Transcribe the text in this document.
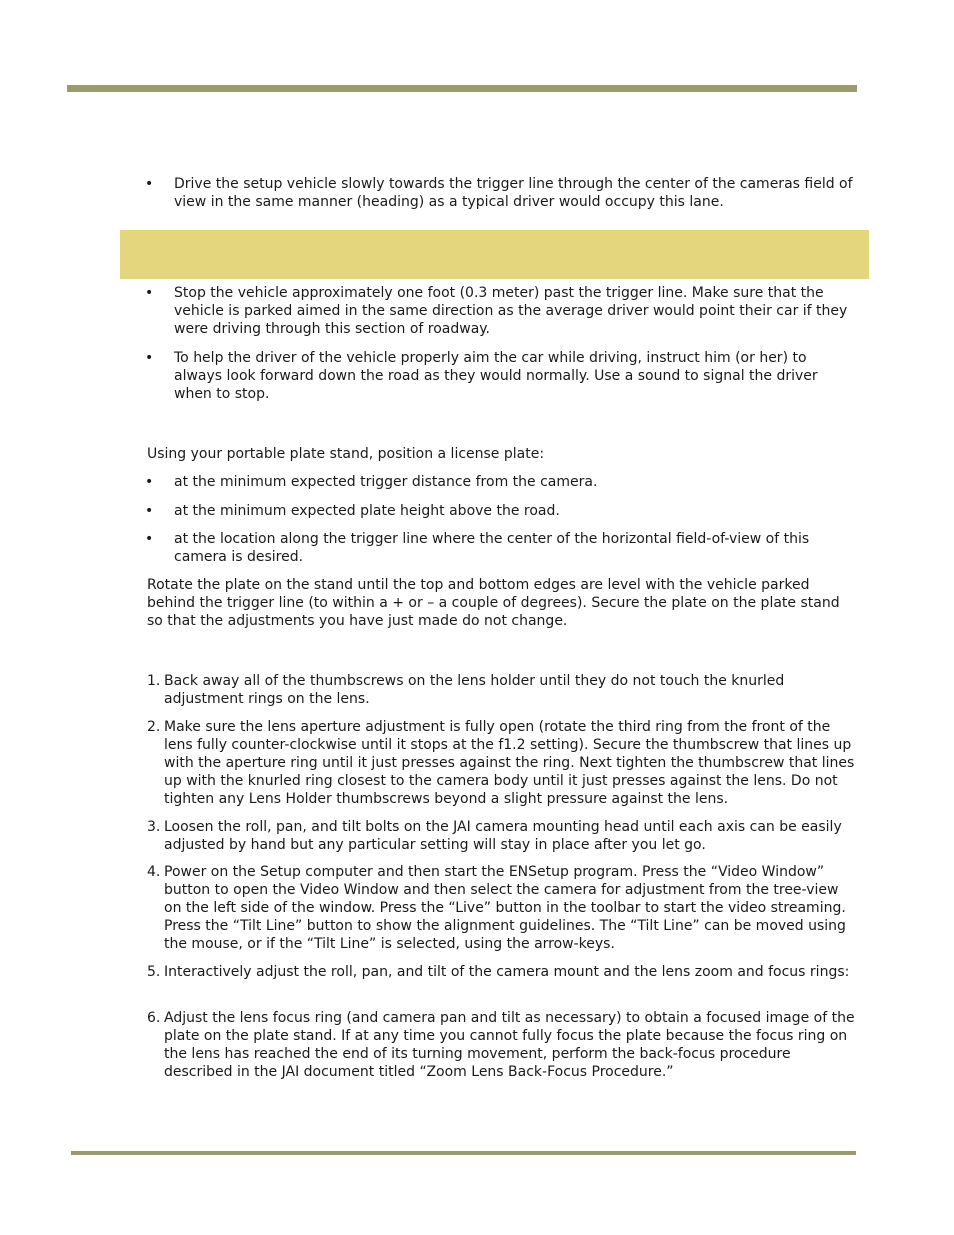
•	Drive the setup vehicle slowly towards the trigger line through the center of the cameras field of view in the same manner (heading) as a typical driver would occupy this lane.
•	Stop the vehicle approximately one foot (0.3 meter) past the trigger line. Make sure that the vehicle is parked aimed in the same direction as the average driver would point their car if they were driving through this section of roadway.
•	To help the driver of the vehicle properly aim the car while driving, instruct him (or her) to always look forward down the road as they would normally. Use a sound to signal the driver when to stop.

Using your portable plate stand, position a license plate:

•	at the minimum expected trigger distance from the camera.
•	at the minimum expected plate height above the road.
•	at the location along the trigger line where the center of the horizontal field-of-view of this camera is desired.

Rotate the plate on the stand until the top and bottom edges are level with the vehicle parked behind the trigger line (to within a + or – a couple of degrees). Secure the plate on the plate stand so that the adjustments you have just made do not change.

1. Back away all of the thumbscrews on the lens holder until they do not touch the knurled adjustment rings on the lens.
2. Make sure the lens aperture adjustment is fully open (rotate the third ring from the front of the lens fully counter-clockwise until it stops at the f1.2 setting). Secure the thumbscrew that lines up with the aperture ring until it just presses against the ring. Next tighten the thumbscrew that lines up with the knurled ring closest to the camera body until it just presses against the lens. Do not tighten any Lens Holder thumbscrews beyond a slight pressure against the lens.
3. Loosen the roll, pan, and tilt bolts on the JAI camera mounting head until each axis can be easily adjusted by hand but any particular setting will stay in place after you let go.
4. Power on the Setup computer and then start the ENSetup program. Press the “Video Window” button to open the Video Window and then select the camera for adjustment from the tree-view on the left side of the window. Press the “Live” button in the toolbar to start the video streaming. Press the “Tilt Line” button to show the alignment guidelines. The “Tilt Line” can be moved using the mouse, or if the “Tilt Line” is selected, using the arrow-keys.
5. Interactively adjust the roll, pan, and tilt of the camera mount and the lens zoom and focus rings:
6. Adjust the lens focus ring (and camera pan and tilt as necessary) to obtain a focused image of the plate on the plate stand. If at any time you cannot fully focus the plate because the focus ring on the lens has reached the end of its turning movement, perform the back-focus procedure described in the JAI document titled “Zoom Lens Back-Focus Procedure.”
